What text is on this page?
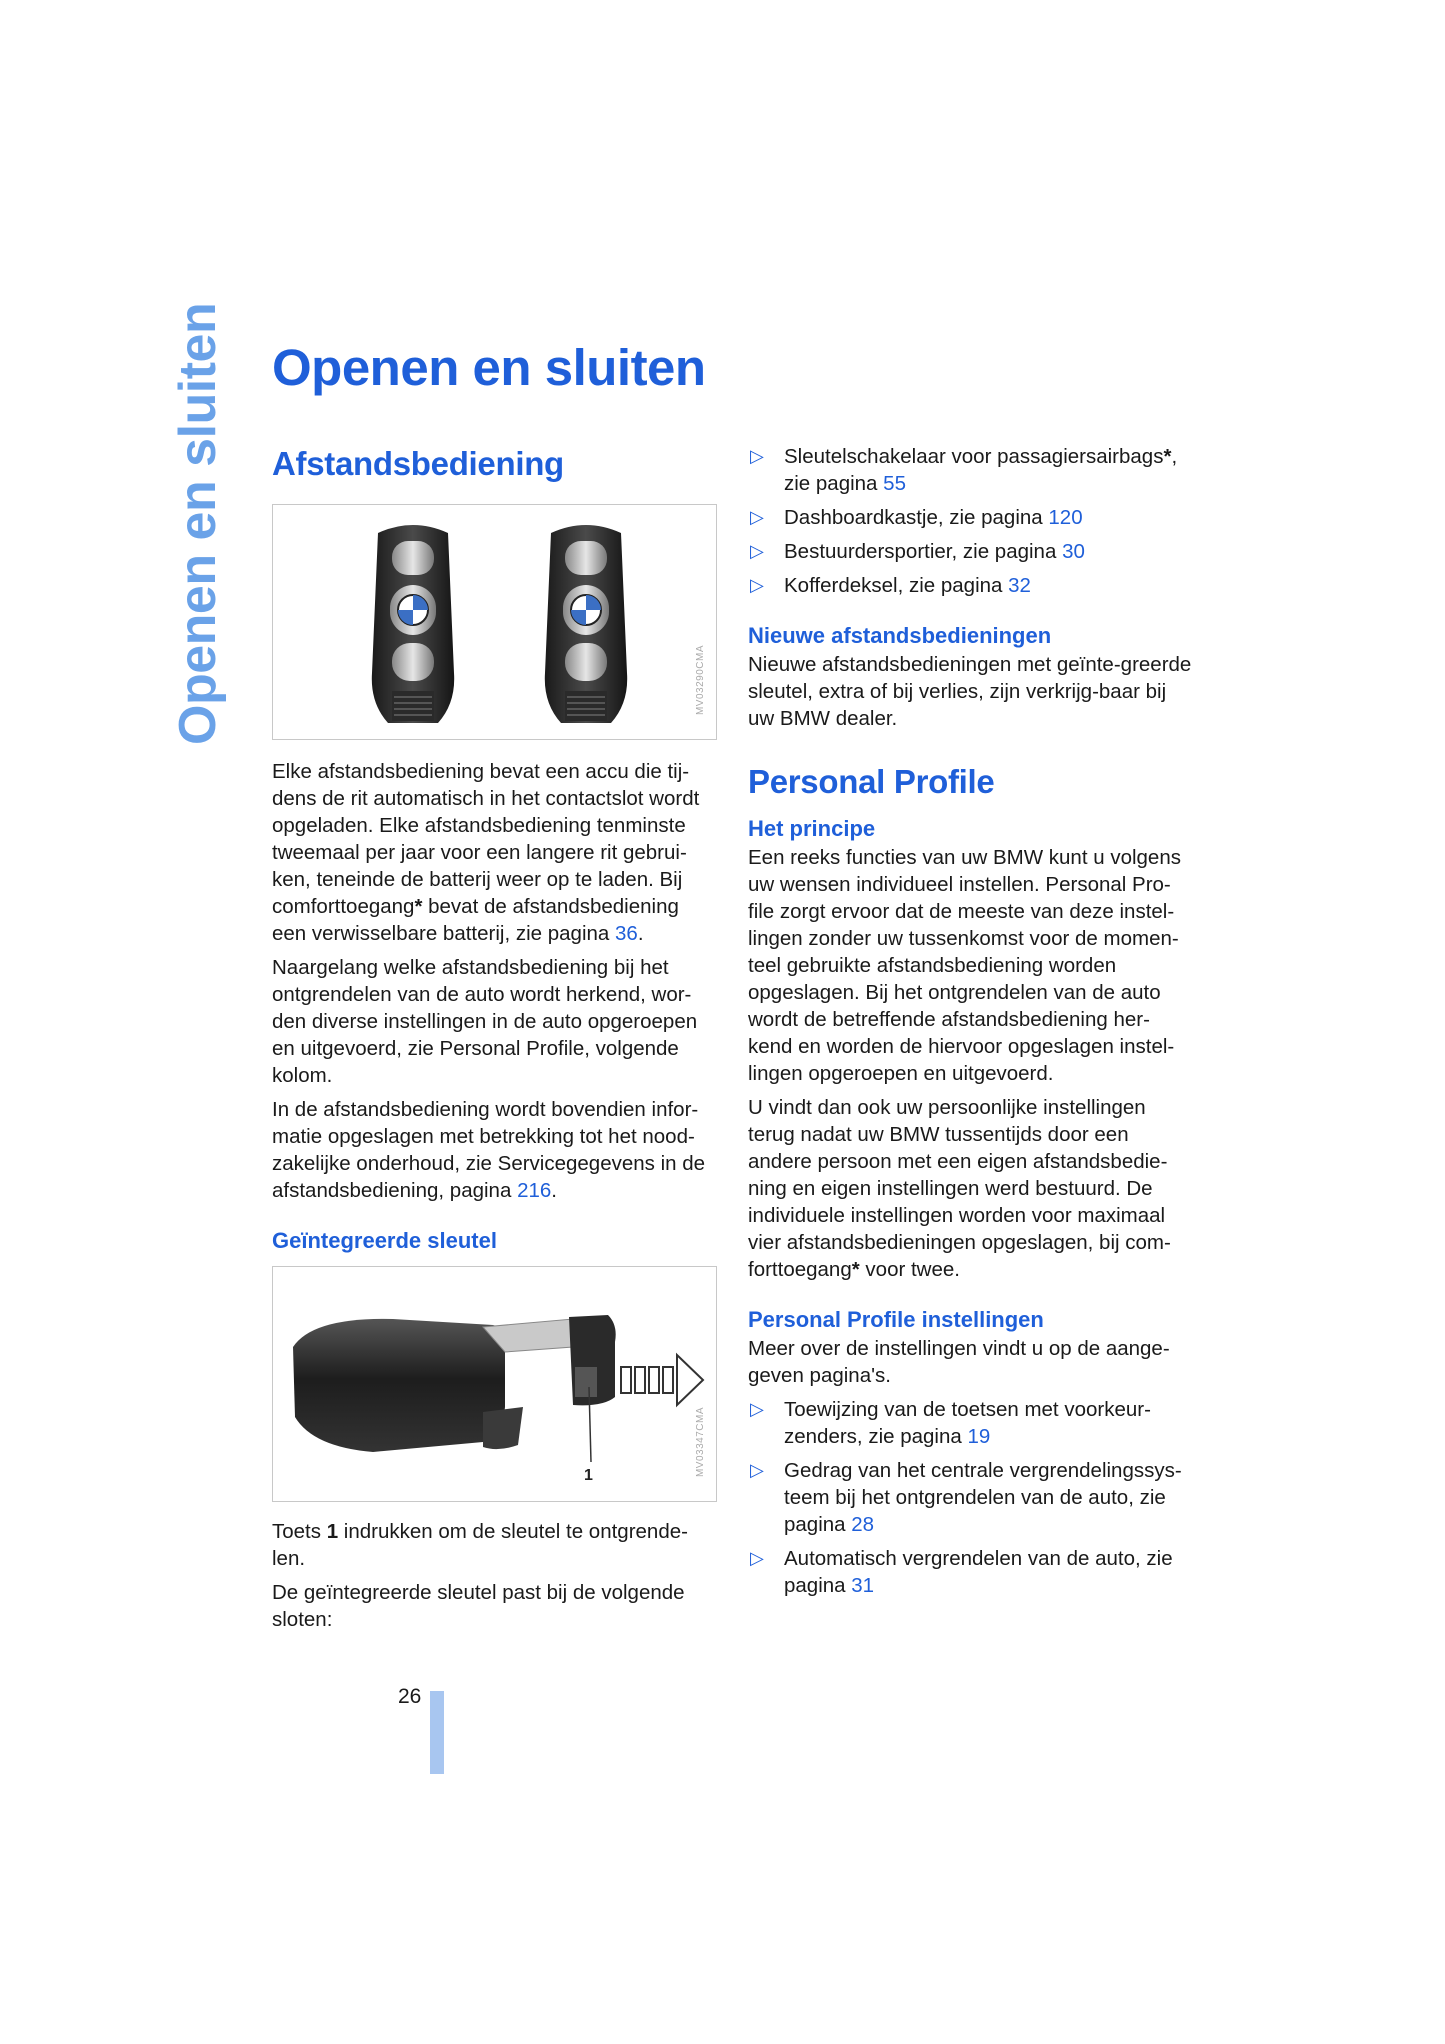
Openen en sluiten Openen en sluiten
Afstandsbediening
MV03290CMA

Elke afstandsbediening bevat een accu die tij-dens de rit automatisch in het contactslot wordt opgeladen. Elke afstandsbediening tenminste tweemaal per jaar voor een langere rit gebrui-ken, teneinde de batterij weer op te laden. Bij comforttoegang* bevat de afstandsbediening een verwisselbare batterij, zie pagina 36.

Naargelang welke afstandsbediening bij het ontgrendelen van de auto wordt herkend, wor-den diverse instellingen in de auto opgeroepen en uitgevoerd, zie Personal Profile, volgende kolom.

In de afstandsbediening wordt bovendien infor-matie opgeslagen met betrekking tot het nood-zakelijke onderhoud, zie Servicegegevens in de afstandsbediening, pagina 216.

Geïntegreerde sleutel
1	MV03347CMA

Toets 1 indrukken om de sleutel te ontgrende-len.

De geïntegreerde sleutel past bij de volgende sloten:

▷ Sleutelschakelaar voor passagiersairbags*, zie pagina 55
▷ Dashboardkastje, zie pagina 120
▷ Bestuurdersportier, zie pagina 30
▷ Kofferdeksel, zie pagina 32
Nieuwe afstandsbedieningen

Nieuwe afstandsbedieningen met geïnte-greerde sleutel, extra of bij verlies, zijn verkrijg-baar bij uw BMW dealer.

Personal Profile
Het principe

Een reeks functies van uw BMW kunt u volgens uw wensen individueel instellen. Personal Pro-file zorgt ervoor dat de meeste van deze instel-lingen zonder uw tussenkomst voor de momen-teel gebruikte afstandsbediening worden opgeslagen. Bij het ontgrendelen van de auto wordt de betreffende afstandsbediening her-kend en worden de hiervoor opgeslagen instel-lingen opgeroepen en uitgevoerd.

U vindt dan ook uw persoonlijke instellingen terug nadat uw BMW tussentijds door een andere persoon met een eigen afstandsbedie-ning en eigen instellingen werd bestuurd. De individuele instellingen worden voor maximaal vier afstandsbedieningen opgeslagen, bij com-forttoegang* voor twee.

Personal Profile instellingen

Meer over de instellingen vindt u op de aange-geven pagina's.

▷ Toewijzing van de toetsen met voorkeur-zenders, zie pagina 19
▷ Gedrag van het centrale vergrendelingssys-teem bij het ontgrendelen van de auto, zie pagina 28
▷ Automatisch vergrendelen van de auto, zie pagina 31
26
